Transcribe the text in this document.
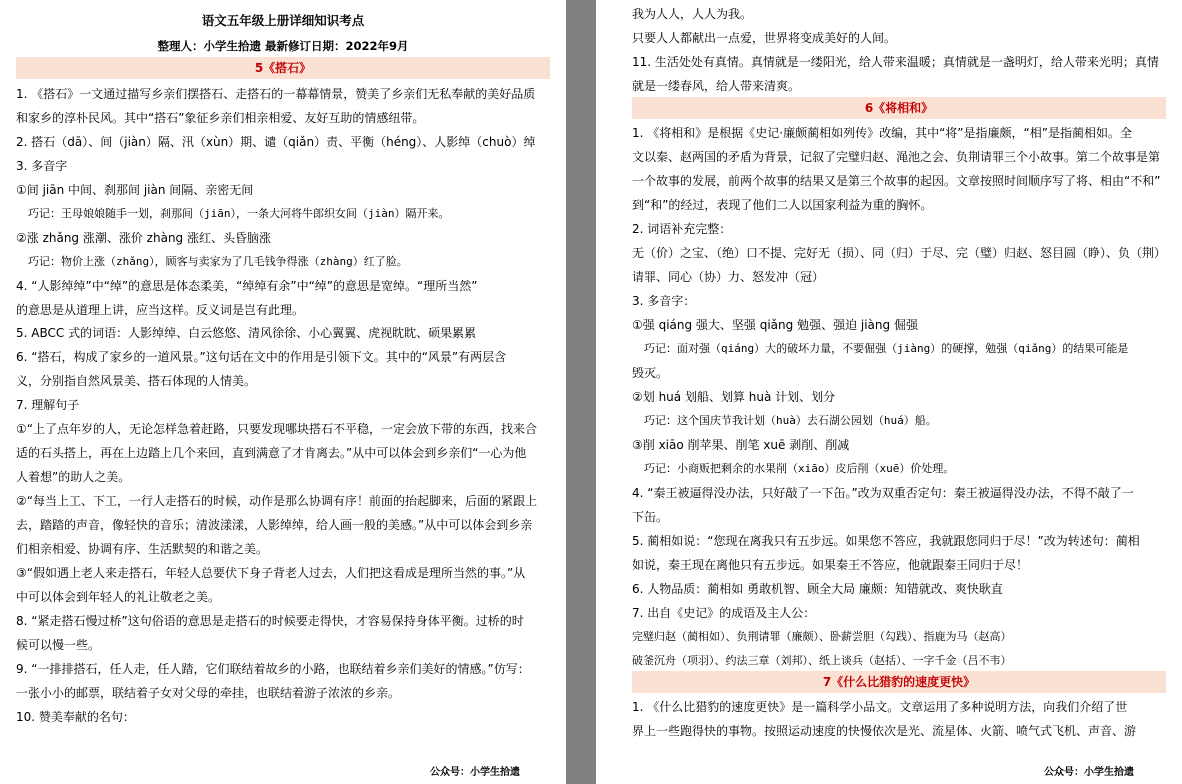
语文五年级上册详细知识考点
整理人：小学生拾遗 最新修订日期：2022年9月
5《搭石》
1. 《搭石》一文通过描写乡亲们摆搭石、走搭石的一幕幕情景，赞美了乡亲们无私奉献的美好品质
和家乡的淳朴民风。其中“搭石”象征乡亲们相亲相爱、友好互助的情感纽带。
2. 搭石（dā）、间（jiàn）隔、汛（xùn）期、谴（qiǎn）责、平衡（héng）、人影绰（chuò）绰
3. 多音字
①间 jiān 中间、刹那间 jiàn 间隔、亲密无间
巧记：王母娘娘随手一划，刹那间（jiān），一条大河将牛郎织女间（jiàn）隔开来。
②涨 zhǎng 涨潮、涨价 zhàng 涨红、头昏脑涨
巧记：物价上涨（zhǎng），顾客与卖家为了几毛钱争得涨（zhàng）红了脸。
4. “人影绰绰”中“绰”的意思是体态柔美，“绰绰有余”中“绰”的意思是宽绰。“理所当然”
的意思是从道理上讲，应当这样。反义词是岂有此理。
5. ABCC 式的词语：人影绰绰、白云悠悠、清风徐徐、小心翼翼、虎视眈眈、硕果累累
6. “搭石，构成了家乡的一道风景。”这句话在文中的作用是引领下文。其中的“风景”有两层含
义，分别指自然风景美、搭石体现的人情美。
7. 理解句子
①“上了点年岁的人，无论怎样急着赶路，只要发现哪块搭石不平稳，一定会放下带的东西，找来合
适的石头搭上，再在上边踏上几个来回，直到满意了才肯离去。”从中可以体会到乡亲们“一心为他
人着想”的助人之美。
②“每当上工、下工，一行人走搭石的时候，动作是那么协调有序！前面的抬起脚来，后面的紧跟上
去，踏踏的声音，像轻快的音乐；清波漾漾，人影绰绰，给人画一般的美感。”从中可以体会到乡亲
们相亲相爱、协调有序、生活默契的和谐之美。
③“假如遇上老人来走搭石，年轻人总要伏下身子背老人过去，人们把这看成是理所当然的事。”从
中可以体会到年轻人的礼让敬老之美。
8. “紧走搭石慢过桥”这句俗语的意思是走搭石的时候要走得快，才容易保持身体平衡。过桥的时
候可以慢一些。
9. “一排排搭石，任人走，任人踏，它们联结着故乡的小路，也联结着乡亲们美好的情感。”仿写：
一张小小的邮票，联结着子女对父母的牵挂，也联结着游子浓浓的乡亲。
10. 赞美奉献的名句：
公众号：小学生拾遗
6《将相和》
7《什么比猎豹的速度更快》
我为人人，人人为我。
只要人人都献出一点爱，世界将变成美好的人间。
11. 生活处处有真情。真情就是一缕阳光，给人带来温暖；真情就是一盏明灯，给人带来光明；真情
就是一缕春风，给人带来清爽。
1. 《将相和》是根据《史记·廉颇蔺相如列传》改编，其中“将”是指廉颇，“相”是指蔺相如。全
文以秦、赵两国的矛盾为背景，记叙了完璧归赵、渑池之会、负荆请罪三个小故事。第二个故事是第
一个故事的发展，前两个故事的结果又是第三个故事的起因。文章按照时间顺序写了将、相由“不和”
到“和”的经过，表现了他们二人以国家利益为重的胸怀。
2. 词语补充完整：
无（价）之宝、（绝）口不提、完好无（损）、同（归）于尽、完（璧）归赵、怒目圆（睁）、负（荆）
请罪、同心（协）力、怒发冲（冠）
3. 多音字：
①强 qiáng 强大、坚强 qiǎng 勉强、强迫 jiàng 倔强
巧记：面对强（qiáng）大的破坏力量，不要倔强（jiàng）的硬撑，勉强（qiǎng）的结果可能是
毁灭。
②划 huá 划船、划算 huà 计划、划分
巧记：这个国庆节我计划（huà）去石湖公园划（huá）船。
③削 xiāo 削苹果、削笔 xuē 剥削、削减
巧记：小商贩把剩余的水果削（xiāo）皮后削（xuē）价处理。
4. “秦王被逼得没办法，只好敲了一下缶。”改为双重否定句：秦王被逼得没办法，不得不敲了一
下缶。
5. 蔺相如说：“您现在离我只有五步远。如果您不答应，我就跟您同归于尽！”改为转述句：蔺相
如说，秦王现在离他只有五步远。如果秦王不答应，他就跟秦王同归于尽！
6. 人物品质：蔺相如 勇敢机智、顾全大局 廉颇：知错就改、爽快耿直
7. 出自《史记》的成语及主人公：
完璧归赵（蔺相如）、负荆请罪（廉颇）、卧薪尝胆（勾践）、指鹿为马（赵高）
破釜沉舟（项羽）、约法三章（刘邦）、纸上谈兵（赵括）、一字千金（吕不韦）
1. 《什么比猎豹的速度更快》是一篇科学小品文。文章运用了多种说明方法，向我们介绍了世
界上一些跑得快的事物。按照运动速度的快慢依次是光、流星体、火箭、喷气式飞机、声音、游
公众号：小学生拾遗
